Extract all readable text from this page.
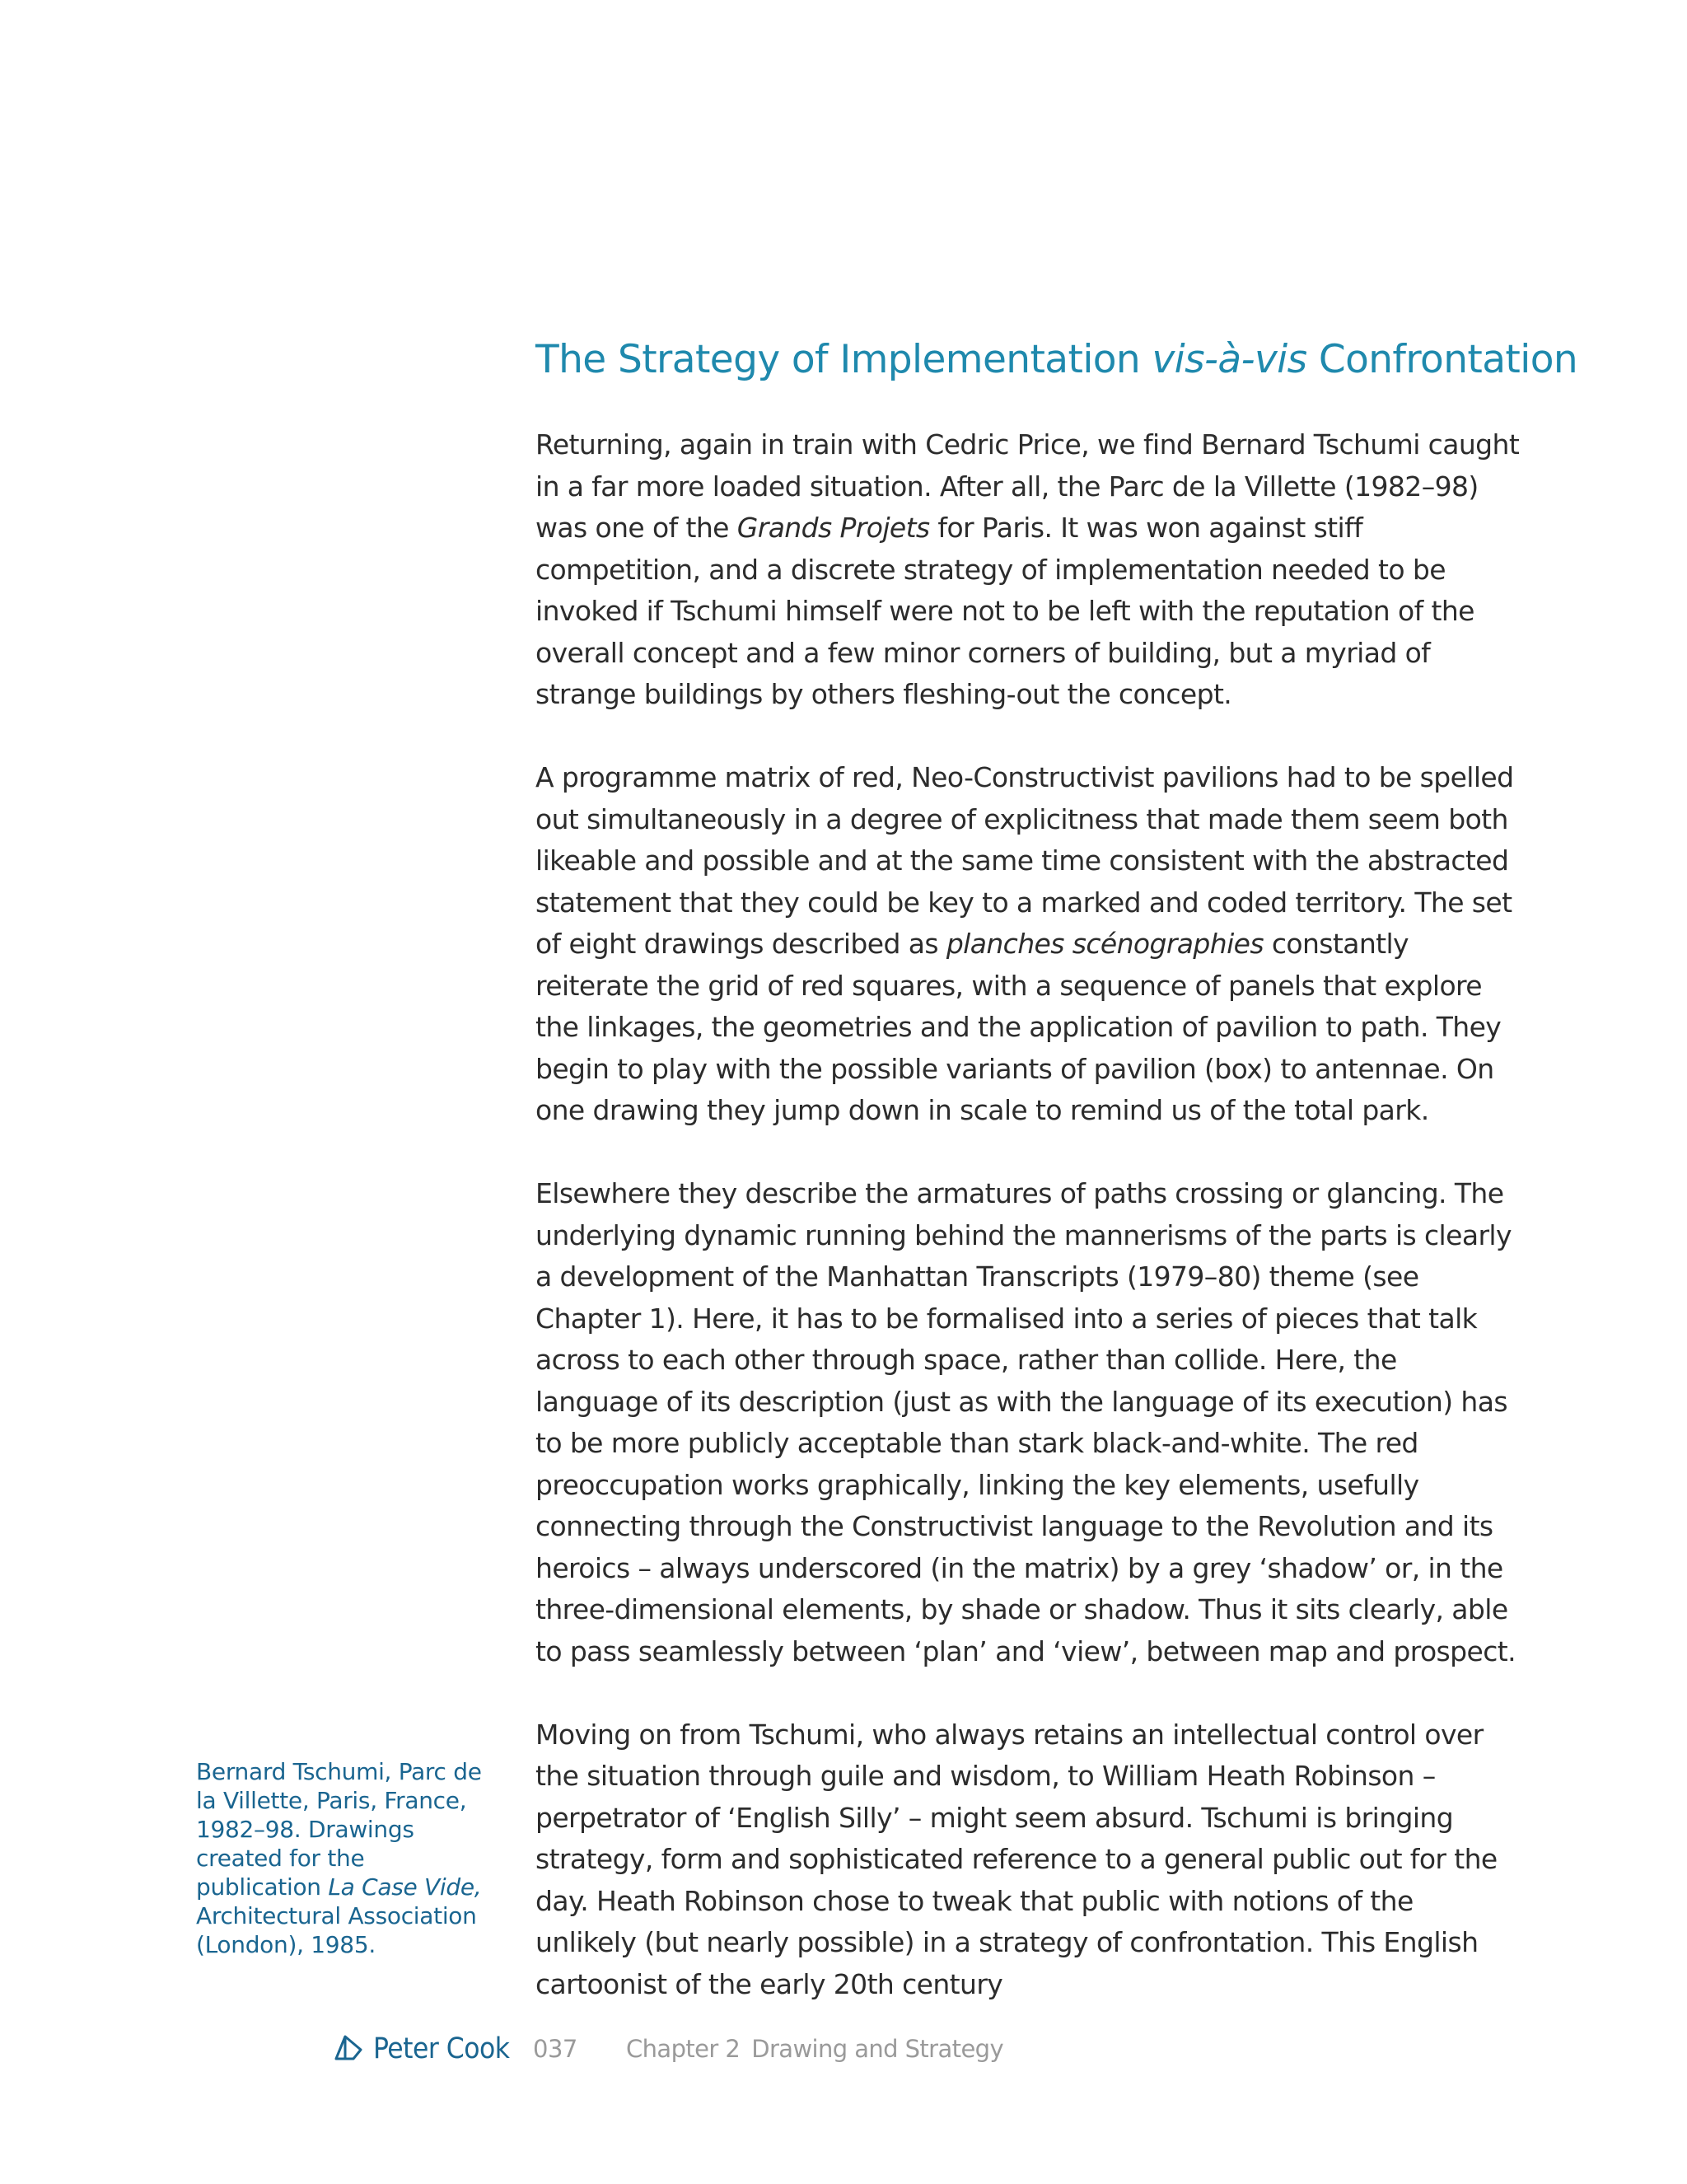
The Strategy of Implementation vis-à-vis Confrontation

Returning, again in train with Cedric Price, we find Bernard Tschumi caught in a far more loaded situation. After all, the Parc de la Villette (1982–98) was one of the Grands Projets for Paris. It was won against stiff competition, and a discrete strategy of implementation needed to be invoked if Tschumi himself were not to be left with the reputation of the overall concept and a few minor corners of building, but a myriad of strange buildings by others fleshing-out the concept.

A programme matrix of red, Neo-Constructivist pavilions had to be spelled out simultaneously in a degree of explicitness that made them seem both likeable and possible and at the same time consistent with the abstracted statement that they could be key to a marked and coded territory. The set of eight drawings described as planches scénographies constantly reiterate the grid of red squares, with a sequence of panels that explore the linkages, the geometries and the application of pavilion to path. They begin to play with the possible variants of pavilion (box) to antennae. On one drawing they jump down in scale to remind us of the total park.

Elsewhere they describe the armatures of paths crossing or glancing. The underlying dynamic running behind the mannerisms of the parts is clearly a development of the Manhattan Transcripts (1979–80) theme (see Chapter 1). Here, it has to be formalised into a series of pieces that talk across to each other through space, rather than collide. Here, the language of its description (just as with the language of its execution) has to be more publicly acceptable than stark black-and-white. The red preoccupation works graphically, linking the key elements, usefully connecting through the Constructivist language to the Revolution and its heroics – always underscored (in the matrix) by a grey ‘shadow’ or, in the three-dimensional elements, by shade or shadow. Thus it sits clearly, able to pass seamlessly between ‘plan’ and ‘view’, between map and prospect.

Moving on from Tschumi, who always retains an intellectual control over the situation through guile and wisdom, to William Heath Robinson – perpetrator of ‘English Silly’ – might seem absurd. Tschumi is bringing strategy, form and sophisticated reference to a general public out for the day. Heath Robinson chose to tweak that public with notions of the unlikely (but nearly possible) in a strategy of confrontation. This English cartoonist of the early 20th century

Bernard Tschumi, Parc de la Villette, Paris, France, 1982–98. Drawings created for the publication La Case Vide, Architectural Association (London), 1985.
Peter Cook 037 Chapter 2 Drawing and Strategy
